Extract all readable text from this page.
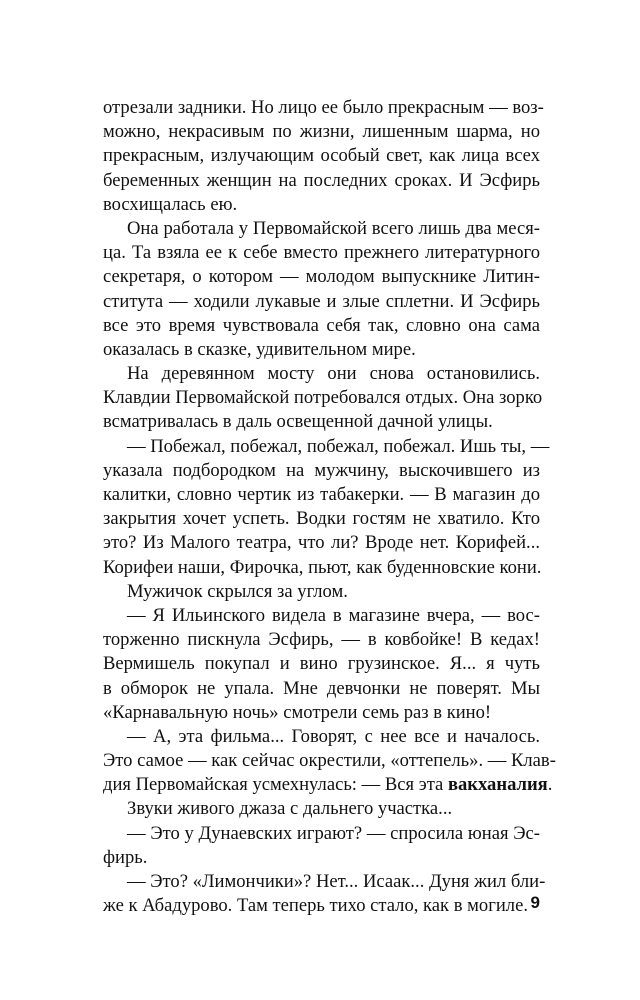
отрезали задники. Но лицо ее было прекрасным — воз-
можно, некрасивым по жизни, лишенным шарма, но
прекрасным, излучающим особый свет, как лица всех
беременных женщин на последних сроках. И Эсфирь
восхищалась ею.
Она работала у Первомайской всего лишь два меся-
ца. Та взяла ее к себе вместо прежнего литературного
секретаря, о котором — молодом выпускнике Литин-
ститута — ходили лукавые и злые сплетни. И Эсфирь
все это время чувствовала себя так, словно она сама
оказалась в сказке, удивительном мире.
На деревянном мосту они снова остановились.
Клавдии Первомайской потребовался отдых. Она зорко
всматривалась в даль освещенной дачной улицы.
— Побежал, побежал, побежал, побежал. Ишь ты, —
указала подбородком на мужчину, выскочившего из
калитки, словно чертик из табакерки. — В магазин до
закрытия хочет успеть. Водки гостям не хватило. Кто
это? Из Малого театра, что ли? Вроде нет. Корифей...
Корифеи наши, Фирочка, пьют, как буденновские кони.
Мужичок скрылся за углом.
— Я Ильинского видела в магазине вчера, — вос-
торженно пискнула Эсфирь, — в ковбойке! В кедах!
Вермишель покупал и вино грузинское. Я... я чуть
в обморок не упала. Мне девчонки не поверят. Мы
«Карнавальную ночь» смотрели семь раз в кино!
— А, эта фильма... Говорят, с нее все и началось.
Это самое — как сейчас окрестили, «оттепель». — Клав-
дия Первомайская усмехнулась: — Вся эта вакханалия.
Звуки живого джаза с дальнего участка...
— Это у Дунаевских играют? — спросила юная Эс-
фирь.
— Это? «Лимончики»? Нет... Исаак... Дуня жил бли-
же к Абадурово. Там теперь тихо стало, как в могиле. 9
